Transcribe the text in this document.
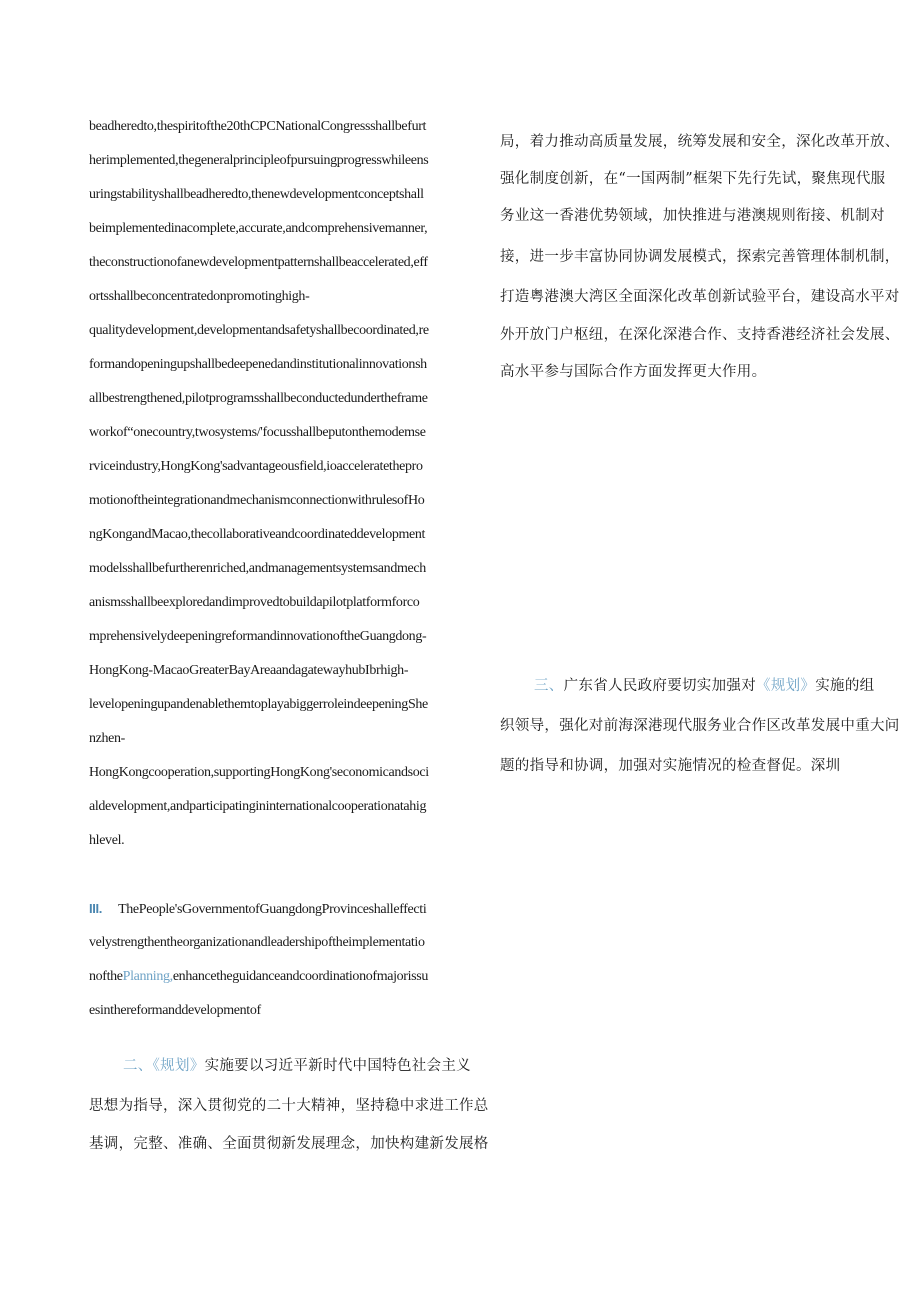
beadheredto,thespiritofthe20thCPCNationalCongressshallbefurt
herimplemented,thegeneralprincipleofpursuingprogresswhileens
uringstabilityshallbeadheredto,thenewdevelopmentconceptshall
beimplementedinacomplete,accurate,andcomprehensivemanner,
theconstructionofanewdevelopmentpatternshallbeaccelerated,eff
ortsshallbeconcentratedonpromotinghigh-
qualitydevelopment,developmentandsafetyshallbecoordinated,re
formandopeningupshallbedeepenedandinstitutionalinnovationsh
allbestrengthened,pilotprogramsshallbeconductedundertheframe
workof“onecountry,twosystems/'focusshallbeputonthemodemse
rviceindustry,HongKong'sadvantageousfield,ioacceleratethepro
motionoftheintegrationandmechanismconnectionwithrulesofHo
ngKongandMacao,thecollaborativeandcoordinateddevelopment
modelsshallbefurtherenriched,andmanagementsystemsandmech
anismsshallbeexploredandimprovedtobuildapilotplatformforco
mprehensivelydeepeningreformandinnovationoftheGuangdong-
HongKong-MacaoGreaterBayAreaandagatewayhubIbrhigh-
levelopeningupandenablethemtoplayabiggerroleindeepeningShe
nzhen-
HongKongcooperation,supportingHongKong'seconomicandsoci
aldevelopment,andparticipatingininternationalcooperationatahig
hlevel.
III. ThePeople'sGovernmentofGuangdongProvinceshalleffecti
velystrengthentheorganizationandleadershipoftheimplementatio
nofthePlanning,enhancetheguidanceandcoordinationofmajorissu
esinthereformanddevelopmentof
二、《规划》实施要以习近平新时代中国特色社会主义
思想为指导，深入贯彻党的二十大精神，坚持稳中求进工作总
基调，完整、准确、全面贯彻新发展理念，加快构建新发展格
局，着力推动高质量发展，统筹发展和安全，深化改革开放、
强化制度创新，在“一国两制”框架下先行先试，聚焦现代服
务业这一香港优势领域，加快推进与港澳规则衔接、机制对
接，进一步丰富协同协调发展模式，探索完善管理体制机制，
打造粤港澳大湾区全面深化改革创新试验平台，建设高水平对
外开放门户枢纽，在深化深港合作、支持香港经济社会发展、
高水平参与国际合作方面发挥更大作用。
三、广东省人民政府要切实加强对《规划》实施的组
织领导，强化对前海深港现代服务业合作区改革发展中重大问
题的指导和协调，加强对实施情况的检查督促。深圳
